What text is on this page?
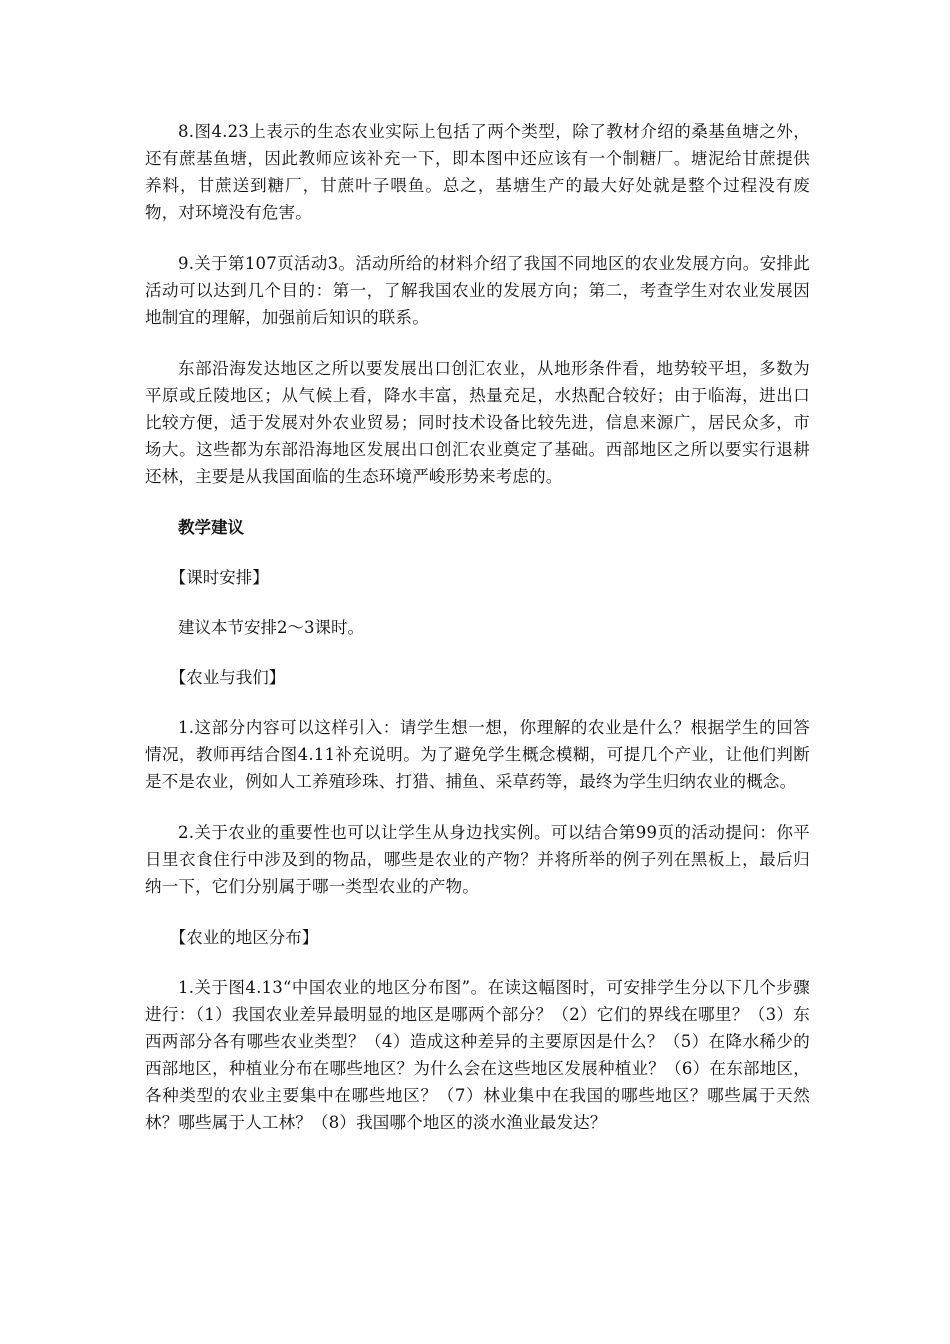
8.图4.23上表示的生态农业实际上包括了两个类型，除了教材介绍的桑基鱼塘之外，还有蔗基鱼塘，因此教师应该补充一下，即本图中还应该有一个制糖厂。塘泥给甘蔗提供养料，甘蔗送到糖厂，甘蔗叶子喂鱼。总之，基塘生产的最大好处就是整个过程没有废物，对环境没有危害。

9.关于第107页活动3。活动所给的材料介绍了我国不同地区的农业发展方向。安排此活动可以达到几个目的：第一，了解我国农业的发展方向；第二，考查学生对农业发展因地制宜的理解，加强前后知识的联系。

东部沿海发达地区之所以要发展出口创汇农业，从地形条件看，地势较平坦，多数为平原或丘陵地区；从气候上看，降水丰富，热量充足，水热配合较好；由于临海，进出口比较方便，适于发展对外农业贸易；同时技术设备比较先进，信息来源广，居民众多，市场大。这些都为东部沿海地区发展出口创汇农业奠定了基础。西部地区之所以要实行退耕还林，主要是从我国面临的生态环境严峻形势来考虑的。

教学建议

【课时安排】

建议本节安排2～3课时。

【农业与我们】

1.这部分内容可以这样引入：请学生想一想，你理解的农业是什么？根据学生的回答情况，教师再结合图4.11补充说明。为了避免学生概念模糊，可提几个产业，让他们判断是不是农业，例如人工养殖珍珠、打猎、捕鱼、采草药等，最终为学生归纳农业的概念。

2.关于农业的重要性也可以让学生从身边找实例。可以结合第99页的活动提问：你平日里衣食住行中涉及到的物品，哪些是农业的产物？并将所举的例子列在黑板上，最后归纳一下，它们分别属于哪一类型农业的产物。

【农业的地区分布】

1.关于图4.13“中国农业的地区分布图”。在读这幅图时，可安排学生分以下几个步骤进行：（1）我国农业差异最明显的地区是哪两个部分？（2）它们的界线在哪里？（3）东西两部分各有哪些农业类型？（4）造成这种差异的主要原因是什么？（5）在降水稀少的西部地区，种植业分布在哪些地区？为什么会在这些地区发展种植业？（6）在东部地区，各种类型的农业主要集中在哪些地区？（7）林业集中在我国的哪些地区？哪些属于天然林？哪些属于人工林？（8）我国哪个地区的淡水渔业最发达？
